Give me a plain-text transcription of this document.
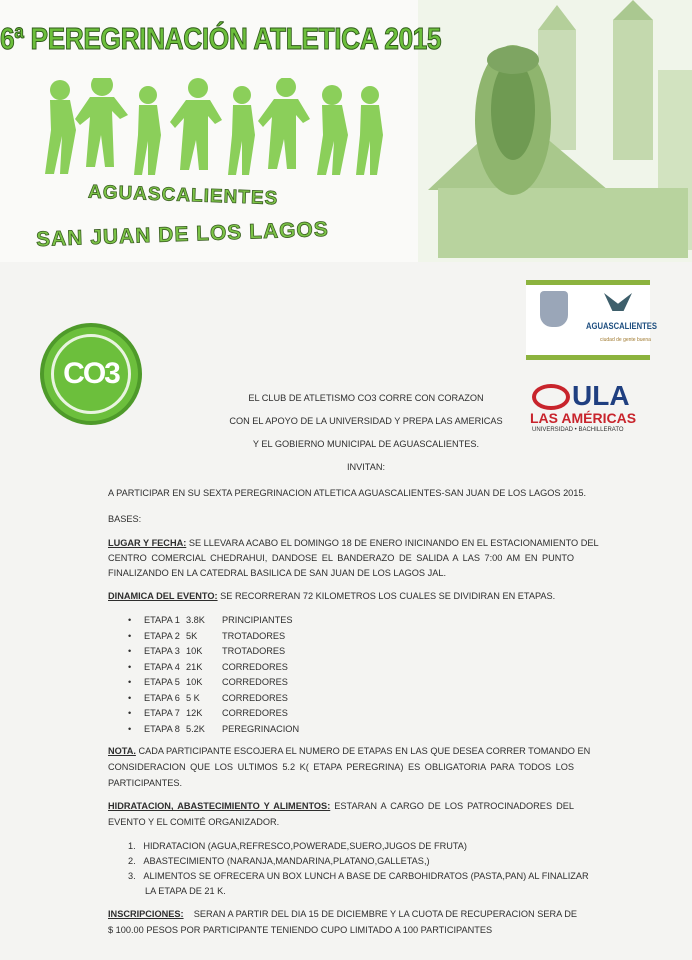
6ª PEREGRINACIÓN ATLETICA 2015
AGUASCALIENTES
SAN JUAN DE LOS LAGOS
CO3
AGUASCALIENTES
ciudad de gente buena
ULA
LAS AMÉRICAS
UNIVERSIDAD • BACHILLERATO
EL CLUB DE ATLETISMO CO3 CORRE CON CORAZON
CON EL APOYO DE LA UNIVERSIDAD Y PREPA LAS AMERICAS
Y EL GOBIERNO MUNICIPAL DE AGUASCALIENTES.
INVITAN:
A PARTICIPAR EN SU SEXTA PEREGRINACION ATLETICA AGUASCALIENTES-SAN JUAN DE LOS LAGOS 2015.
BASES:
LUGAR Y FECHA: SE LLEVARA ACABO EL DOMINGO 18 DE ENERO INICINANDO EN EL ESTACIONAMIENTO DEL
CENTRO COMERCIAL CHEDRAHUI, DANDOSE EL BANDERAZO DE SALIDA A LAS 7:00 AM EN PUNTO
FINALIZANDO EN LA CATEDRAL BASILICA DE SAN JUAN DE LOS LAGOS JAL.
DINAMICA DEL EVENTO: SE RECORRERAN 72 KILOMETROS LOS CUALES SE DIVIDIRAN EN ETAPAS.
• ETAPA 1 3.8K PRINCIPIANTES
• ETAPA 2 5K	TROTADORES
• ETAPA 3 10K TROTADORES
• ETAPA 4 21K CORREDORES
• ETAPA 5 10K CORREDORES
• ETAPA 65 K CORREDORES
• ETAPA 7 12K CORREDORES
• ETAPA 8 5.2K PEREGRINACION
NOTA. CADA PARTICIPANTE ESCOJERA EL NUMERO DE ETAPAS EN LAS QUE DESEA CORRER TOMANDO EN
CONSIDERACION QUE LOS ULTIMOS 5.2 K( ETAPA PEREGRINA) ES OBLIGATORIA PARA TODOS LOS
PARTICIPANTES.
HIDRATACION, ABASTECIMIENTO Y ALIMENTOS: ESTARAN A CARGO DE LOS PATROCINADORES DEL
EVENTO Y EL COMITÉ ORGANIZADOR.
1.   HIDRATACION (AGUA,REFRESCO,POWERADE,SUERO,JUGOS DE FRUTA)
2.   ABASTECIMIENTO (NARANJA,MANDARINA,PLATANO,GALLETAS,)
3.   ALIMENTOS SE OFRECERA UN BOX LUNCH A BASE DE CARBOHIDRATOS (PASTA,PAN) AL FINALIZAR
LA ETAPA DE 21 K.
INSCRIPCIONES:    SERAN A PARTIR DEL DIA 15 DE DICIEMBRE Y LA CUOTA DE RECUPERACION SERA DE
$ 100.00 PESOS POR PARTICIPANTE TENIENDO CUPO LIMITADO A 100 PARTICIPANTES
